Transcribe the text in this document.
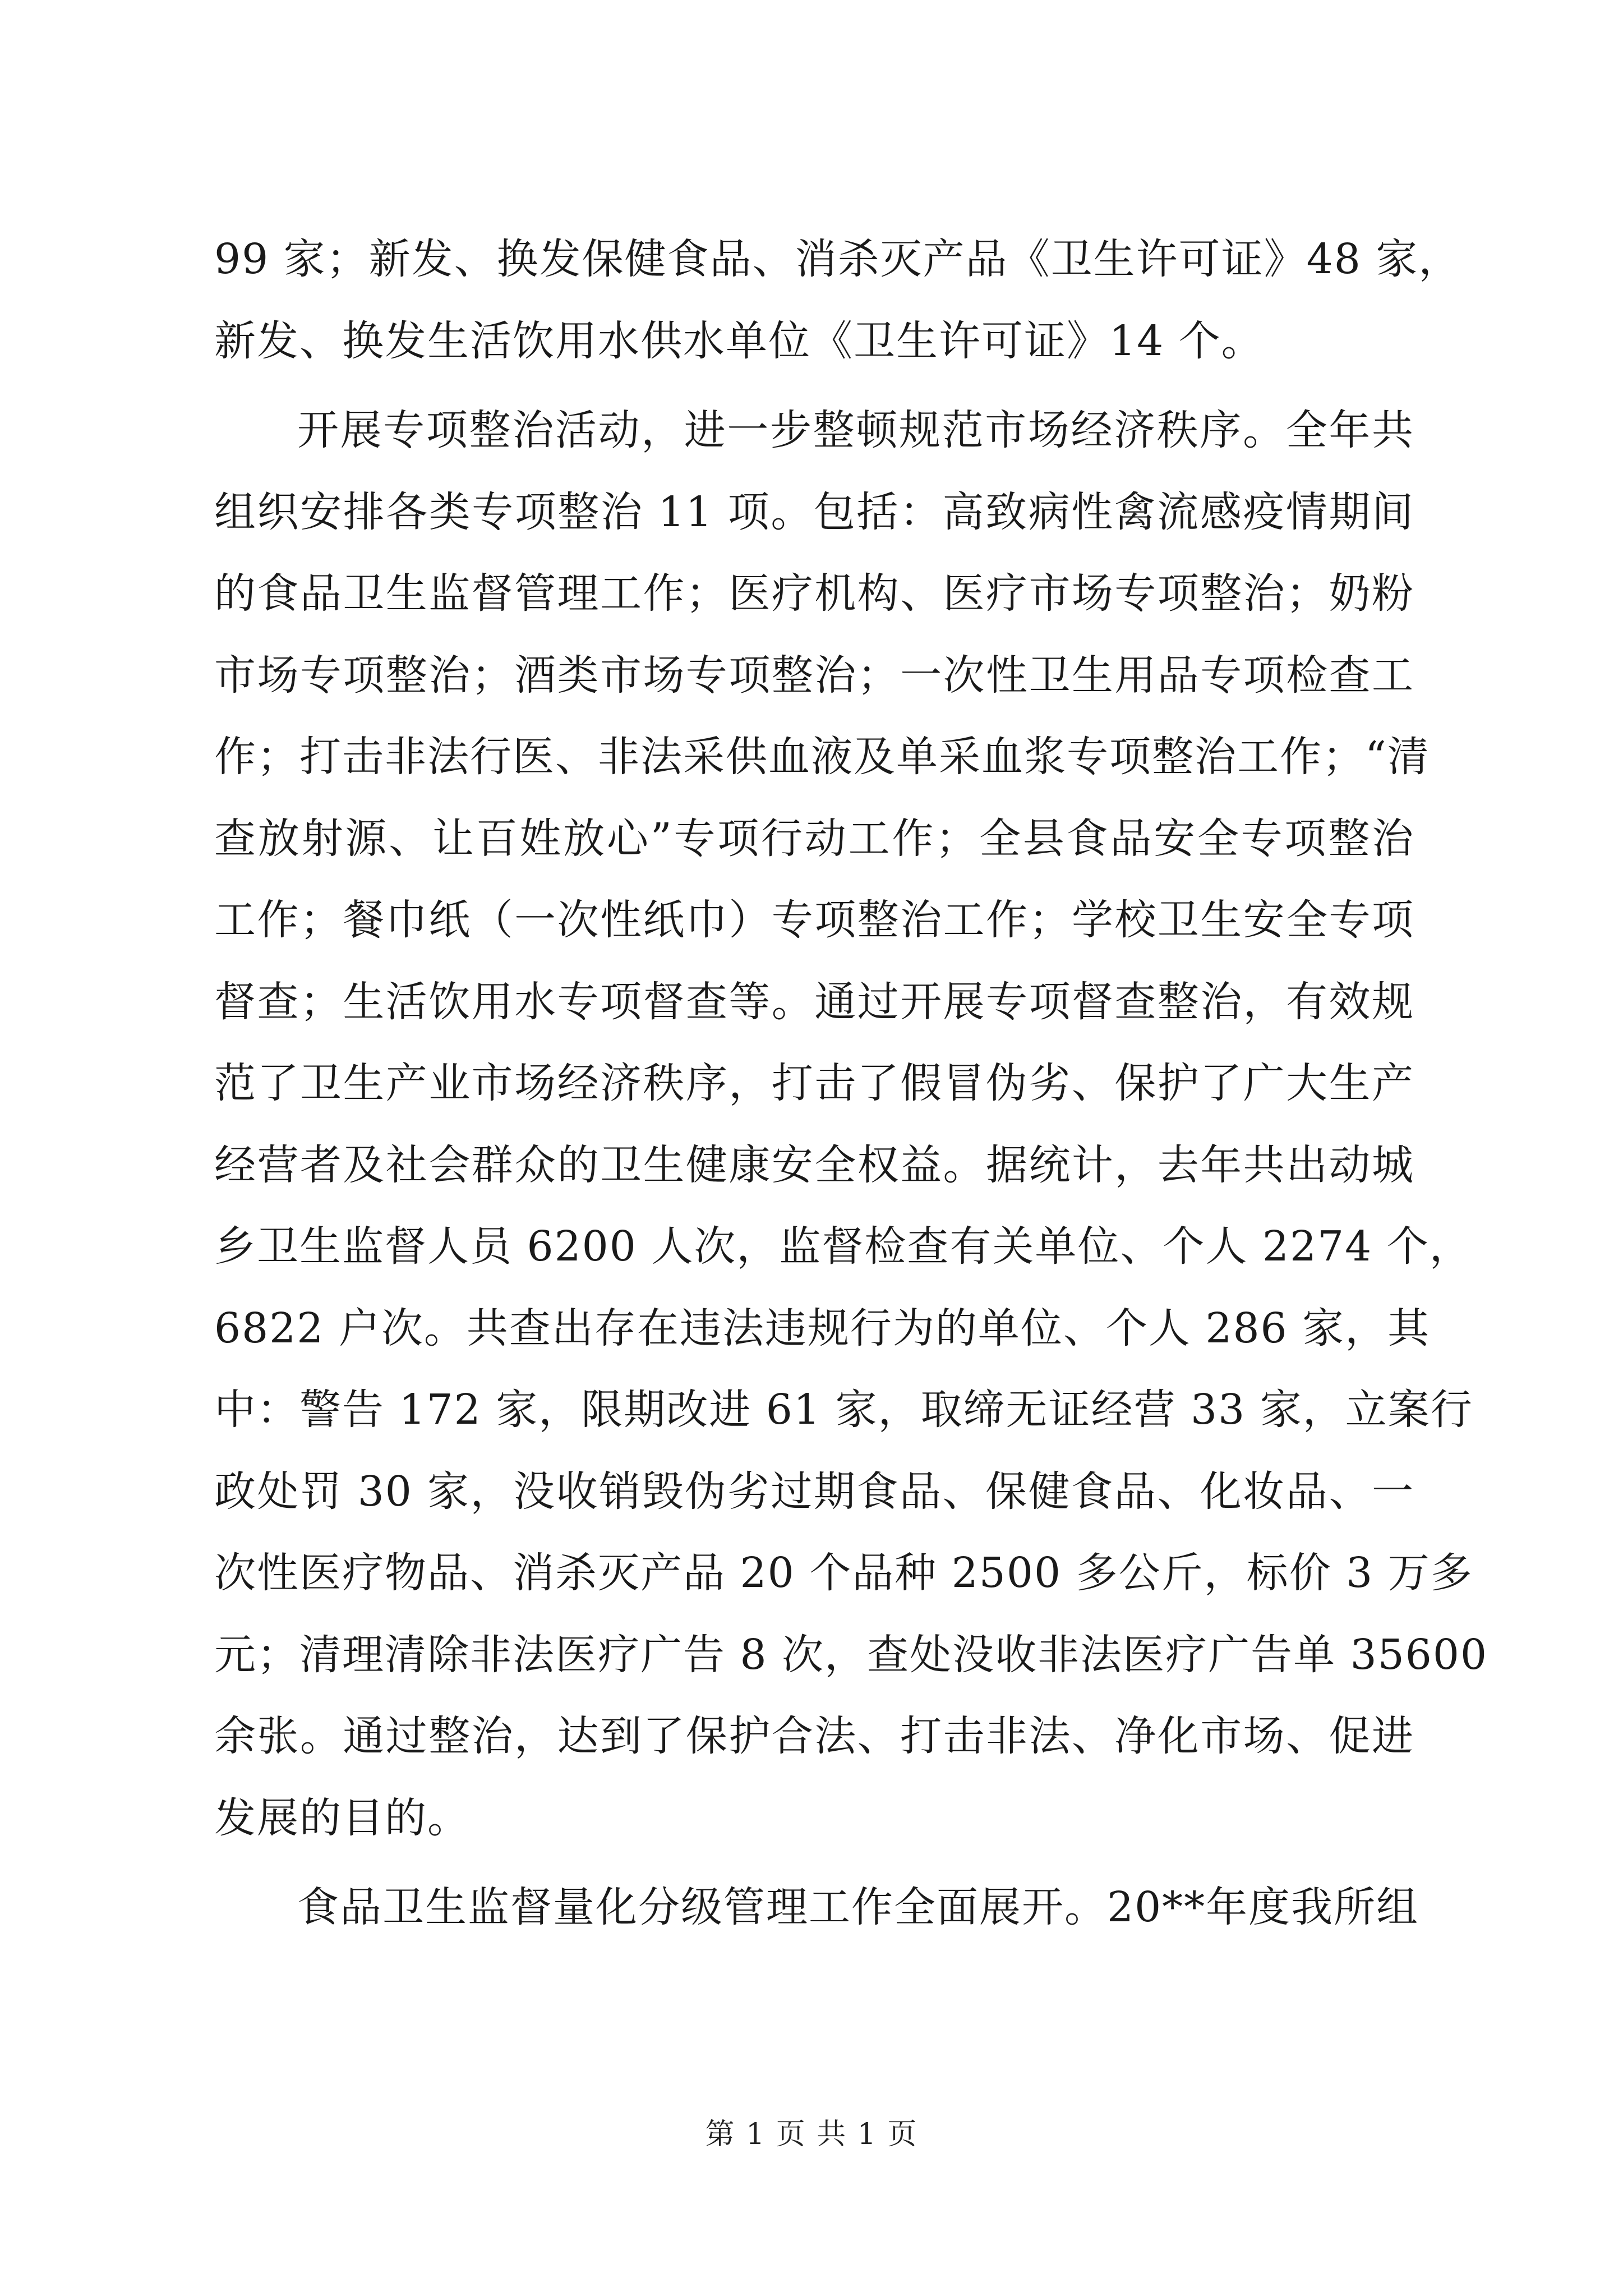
99 家；新发、换发保健食品、消杀灭产品《卫生许可证》48 家，
新发、换发生活饮用水供水单位《卫生许可证》14 个。

开展专项整治活动，进一步整顿规范市场经济秩序。全年共
组织安排各类专项整治 11 项。包括：高致病性禽流感疫情期间
的食品卫生监督管理工作；医疗机构、医疗市场专项整治；奶粉
市场专项整治；酒类市场专项整治；一次性卫生用品专项检查工
作；打击非法行医、非法采供血液及单采血浆专项整治工作；“清
查放射源、让百姓放心”专项行动工作；全县食品安全专项整治
工作；餐巾纸（一次性纸巾）专项整治工作；学校卫生安全专项
督查；生活饮用水专项督查等。通过开展专项督查整治，有效规
范了卫生产业市场经济秩序，打击了假冒伪劣、保护了广大生产
经营者及社会群众的卫生健康安全权益。据统计，去年共出动城
乡卫生监督人员 6200 人次，监督检查有关单位、个人 2274 个，
6822 户次。共查出存在违法违规行为的单位、个人 286 家，其
中：警告 172 家，限期改进 61 家，取缔无证经营 33 家，立案行
政处罚 30 家，没收销毁伪劣过期食品、保健食品、化妆品、一
次性医疗物品、消杀灭产品 20 个品种 2500 多公斤，标价 3 万多
元；清理清除非法医疗广告 8 次，查处没收非法医疗广告单 35600
余张。通过整治，达到了保护合法、打击非法、净化市场、促进
发展的目的。

食品卫生监督量化分级管理工作全面展开。20**年度我所组

第 1 页 共 1 页
